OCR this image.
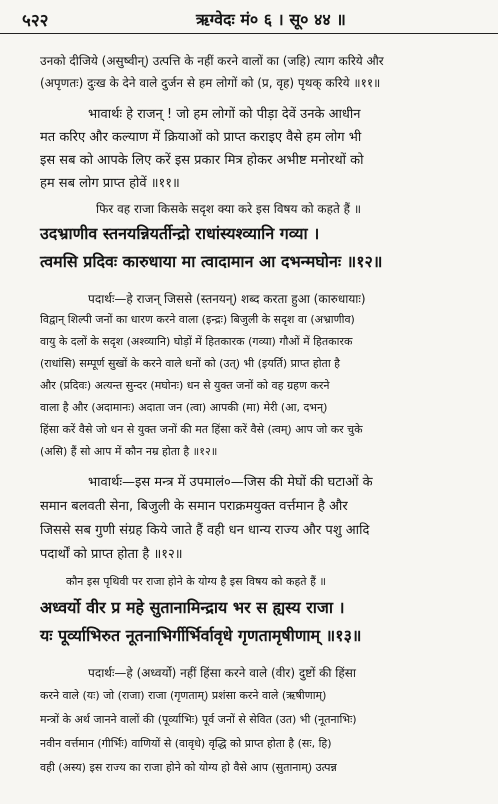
५२२	ऋग्वेदः मं० ६ । सू० ४४ ॥
उनको दीजिये (असुष्वीन्) उत्पत्ति के नहीं करने वालों का (जहि) त्याग करिये और
(अपृणतः) दुःख के देने वाले दुर्जन से हम लोगों को (प्र, वृह) पृथक् करिये ॥११॥
भावार्थः हे राजन् ! जो हम लोगों को पीड़ा देवें उनके आधीन
मत करिए और कल्याण में क्रियाओं को प्राप्त कराइए वैसे हम लोग भी
इस सब को आपके लिए करें इस प्रकार मित्र होकर अभीष्ट मनोरथों को
हम सब लोग प्राप्त होवें ॥११॥
फिर वह राजा किसके सदृश क्या करे इस विषय को कहते हैं ॥
उदभ्राणीव स्तनयन्नियर्तीन्द्रो राधांस्यश्व्यानि गव्या ।
त्वमसि प्रदिवः कारुधाया मा त्वादामान आ दभन्मघोनः ॥१२॥
पदार्थः—हे राजन् जिससे (स्तनयन्) शब्द करता हुआ (कारुधायाः)
विद्वान् शिल्पी जनों का धारण करने वाला (इन्द्रः) बिजुली के सदृश वा (अभ्राणीव)
वायु के दलों के सदृश (अश्व्यानि) घोड़ों में हितकारक (गव्या) गौओं में हितकारक
(राधांसि) सम्पूर्ण सुखों के करने वाले धनों को (उत्) भी (इयर्ति) प्राप्त होता है
और (प्रदिवः) अत्यन्त सुन्दर (मघोनः) धन से युक्त जनों को वह ग्रहण करने
वाला है और (अदामानः) अदाता जन (त्वा) आपकी (मा) मेरी (आ, दभन्)
हिंसा करें वैसे जो धन से युक्त जनों की मत हिंसा करें वैसे (त्वम्) आप जो कर चुके
(असि) हैं सो आप में कौन नम्र होता है ॥१२॥
भावार्थः—इस मन्त्र में उपमालं०—जिस की मेघों की घटाओं के
समान बलवती सेना, बिजुली के समान पराक्रमयुक्त वर्त्तमान है और
जिससे सब गुणी संग्रह किये जाते हैं वही धन धान्य राज्य और पशु आदि
पदार्थों को प्राप्त होता है ॥१२॥
कौन इस पृथिवी पर राजा होने के योग्य है इस विषय को कहते हैं ॥
अध्वर्यो वीर प्र महे सुतानामिन्द्राय भर स ह्यस्य राजा ।
यः पूर्व्याभिरुत नूतनाभिर्गीर्भिर्वावृधे गृणतामृषीणाम् ॥१३॥
पदार्थः—हे (अध्वर्यो) नहीं हिंसा करने वाले (वीर) दुष्टों की हिंसा
करने वाले (यः) जो (राजा) राजा (गृणताम्) प्रशंसा करने वाले (ऋषीणाम्)
मन्त्रों के अर्थ जानने वालों की (पूर्व्याभिः) पूर्व जनों से सेवित (उत) भी (नूतनाभिः)
नवीन वर्त्तमान (गीर्भिः) वाणियों से (वावृधे) वृद्धि को प्राप्त होता है (सः, हि)
वही (अस्य) इस राज्य का राजा होने को योग्य हो वैसे आप (सुतानाम्) उत्पन्न
